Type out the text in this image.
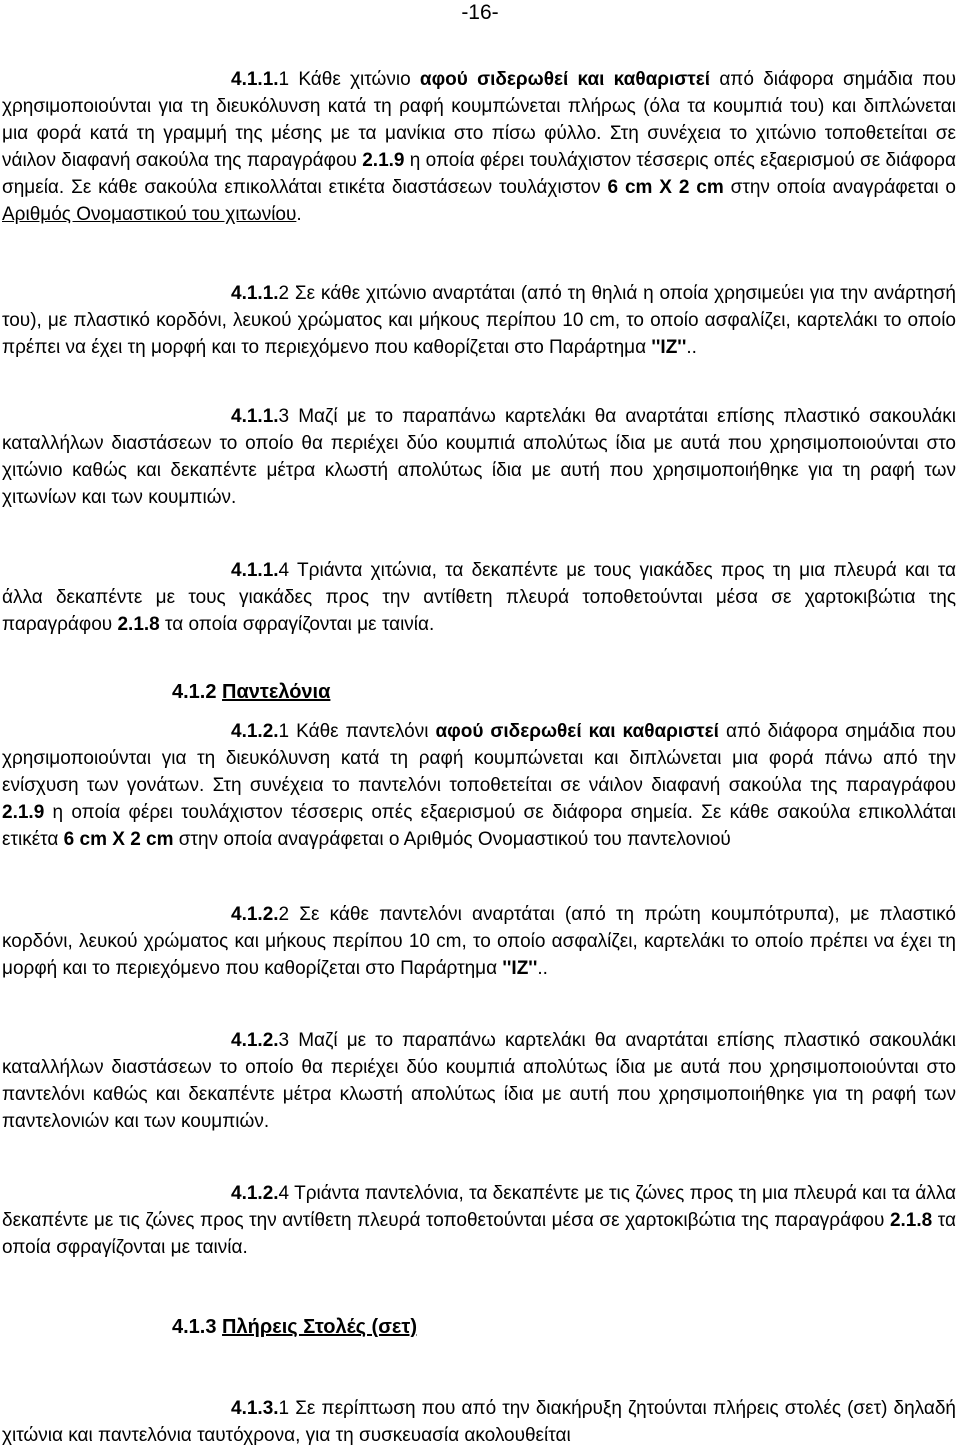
-16-

4.1.1.1 Κάθε χιτώνιο αφού σιδερωθεί και καθαριστεί από διάφορα σημάδια που χρησιμοποιούνται για τη διευκόλυνση κατά τη ραφή κουμπώνεται πλήρως (όλα τα κουμπιά του) και διπλώνεται μια φορά κατά τη γραμμή της μέσης με τα μανίκια στο πίσω φύλλο. Στη συνέχεια το χιτώνιο τοποθετείται σε νάιλον διαφανή σακούλα της παραγράφου 2.1.9 η οποία φέρει τουλάχιστον τέσσερις οπές εξαερισμού σε διάφορα σημεία. Σε κάθε σακούλα επικολλάται ετικέτα διαστάσεων τουλάχιστον 6 cm X 2 cm στην οποία αναγράφεται ο Αριθμός Ονομαστικού του χιτωνίου.

4.1.1.2 Σε κάθε χιτώνιο αναρτάται (από τη θηλιά η οποία χρησιμεύει για την ανάρτησή του), με πλαστικό κορδόνι, λευκού χρώματος και μήκους περίπου 10 cm, το οποίο ασφαλίζει, καρτελάκι το οποίο πρέπει να έχει τη μορφή και το περιεχόμενο που καθορίζεται στο Παράρτημα ''ΙΖ''..

4.1.1.3 Μαζί με το παραπάνω καρτελάκι θα αναρτάται επίσης πλαστικό σακουλάκι καταλλήλων διαστάσεων το οποίο θα περιέχει δύο κουμπιά απολύτως ίδια με αυτά που χρησιμοποιούνται στο χιτώνιο καθώς και δεκαπέντε μέτρα κλωστή απολύτως ίδια με αυτή που χρησιμοποιήθηκε για τη ραφή των χιτωνίων και των κουμπιών.

4.1.1.4 Τριάντα χιτώνια, τα δεκαπέντε με τους γιακάδες προς τη μια πλευρά και τα άλλα δεκαπέντε με τους γιακάδες προς την αντίθετη πλευρά τοποθετούνται μέσα σε χαρτοκιβώτια της παραγράφου 2.1.8 τα οποία σφραγίζονται με ταινία.

4.1.2 Παντελόνια

4.1.2.1 Κάθε παντελόνι αφού σιδερωθεί και καθαριστεί από διάφορα σημάδια που χρησιμοποιούνται για τη διευκόλυνση κατά τη ραφή κουμπώνεται και διπλώνεται μια φορά πάνω από την ενίσχυση των γονάτων. Στη συνέχεια το παντελόνι τοποθετείται σε νάιλον διαφανή σακούλα της παραγράφου 2.1.9 η οποία φέρει τουλάχιστον τέσσερις οπές εξαερισμού σε διάφορα σημεία. Σε κάθε σακούλα επικολλάται ετικέτα 6 cm X 2 cm στην οποία αναγράφεται ο Αριθμός Ονομαστικού του παντελονιού

4.1.2.2 Σε κάθε παντελόνι αναρτάται (από τη πρώτη κουμπότρυπα), με πλαστικό κορδόνι, λευκού χρώματος και μήκους περίπου 10 cm, το οποίο ασφαλίζει, καρτελάκι το οποίο πρέπει να έχει τη μορφή και το περιεχόμενο που καθορίζεται στο Παράρτημα ''ΙΖ''..

4.1.2.3 Μαζί με το παραπάνω καρτελάκι θα αναρτάται επίσης πλαστικό σακουλάκι καταλλήλων διαστάσεων το οποίο θα περιέχει δύο κουμπιά απολύτως ίδια με αυτά που χρησιμοποιούνται στο παντελόνι καθώς και δεκαπέντε μέτρα κλωστή απολύτως ίδια με αυτή που χρησιμοποιήθηκε για τη ραφή των παντελονιών και των κουμπιών.

4.1.2.4 Τριάντα παντελόνια, τα δεκαπέντε με τις ζώνες προς τη μια πλευρά και τα άλλα δεκαπέντε με τις ζώνες προς την αντίθετη πλευρά τοποθετούνται μέσα σε χαρτοκιβώτια της παραγράφου 2.1.8 τα οποία σφραγίζονται με ταινία.

4.1.3 Πλήρεις Στολές (σετ)

4.1.3.1 Σε περίπτωση που από την διακήρυξη ζητούνται πλήρεις στολές (σετ) δηλαδή χιτώνια και παντελόνια ταυτόχρονα, για τη συσκευασία ακολουθείται
